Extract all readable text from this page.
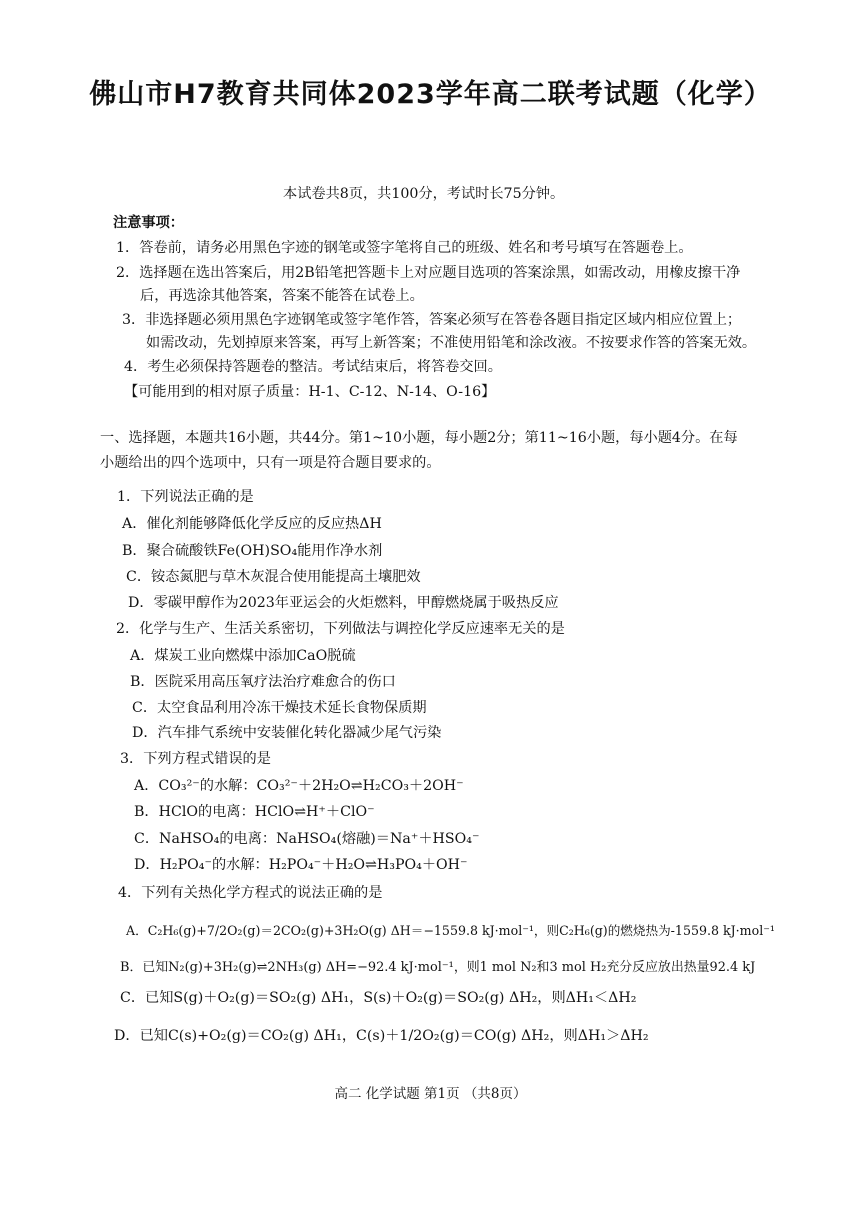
佛山市H7教育共同体2023学年高二联考试题（化学）
本试卷共8页，共100分，考试时长75分钟。
注意事项：
1．答卷前，请务必用黑色字迹的钢笔或签字笔将自己的班级、姓名和考号填写在答题卷上。
2．选择题在选出答案后，用2B铅笔把答题卡上对应题目选项的答案涂黑，如需改动，用橡皮擦干净
后，再选涂其他答案，答案不能答在试卷上。
3．非选择题必须用黑色字迹钢笔或签字笔作答，答案必须写在答卷各题目指定区域内相应位置上；
如需改动，先划掉原来答案，再写上新答案；不准使用铅笔和涂改液。不按要求作答的答案无效。
4．考生必须保持答题卷的整洁。考试结束后，将答卷交回。
【可能用到的相对原子质量：H-1、C-12、N-14、O-16】
一、选择题，本题共16小题，共44分。第1~10小题，每小题2分；第11~16小题，每小题4分。在每
小题给出的四个选项中，只有一项是符合题目要求的。
1．下列说法正确的是
A．催化剂能够降低化学反应的反应热ΔH
B．聚合硫酸铁Fe(OH)SO₄能用作净水剂
C．铵态氮肥与草木灰混合使用能提高土壤肥效
D．零碳甲醇作为2023年亚运会的火炬燃料，甲醇燃烧属于吸热反应
2．化学与生产、生活关系密切，下列做法与调控化学反应速率无关的是
A．煤炭工业向燃煤中添加CaO脱硫
B．医院采用高压氧疗法治疗难愈合的伤口
C．太空食品利用冷冻干燥技术延长食物保质期
D．汽车排气系统中安装催化转化器减少尾气污染
3．下列方程式错误的是
A．CO₃²⁻的水解：CO₃²⁻＋2H₂O⇌H₂CO₃＋2OH⁻
B．HClO的电离：HClO⇌H⁺＋ClO⁻
C．NaHSO₄的电离：NaHSO₄(熔融)＝Na⁺＋HSO₄⁻
D．H₂PO₄⁻的水解：H₂PO₄⁻＋H₂O⇌H₃PO₄＋OH⁻
4．下列有关热化学方程式的说法正确的是
A．C₂H₆(g)+7/2O₂(g)＝2CO₂(g)+3H₂O(g) ΔH＝−1559.8 kJ·mol⁻¹，则C₂H₆(g)的燃烧热为-1559.8 kJ·mol⁻¹
B．已知N₂(g)+3H₂(g)⇌2NH₃(g) ΔH=−92.4 kJ·mol⁻¹，则1 mol N₂和3 mol H₂充分反应放出热量92.4 kJ
C．已知S(g)＋O₂(g)＝SO₂(g) ΔH₁，S(s)＋O₂(g)＝SO₂(g) ΔH₂，则ΔH₁＜ΔH₂
D．已知C(s)+O₂(g)＝CO₂(g) ΔH₁，C(s)＋1/2O₂(g)＝CO(g) ΔH₂，则ΔH₁＞ΔH₂
高二 化学试题 第1页 （共8页）
